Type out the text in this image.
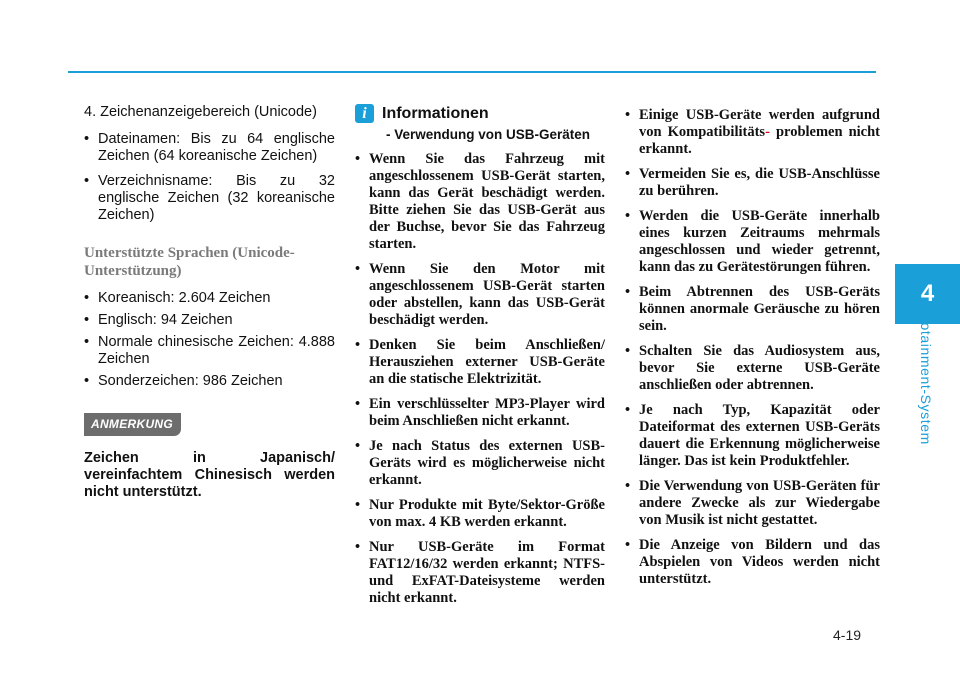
4
Infotainment-System
4. Zeichenanzeigebereich (Unicode)
• Dateinamen: Bis zu 64 englische Zeichen (64 koreanische Zeichen)
• Verzeichnisname: Bis zu 32 englische Zeichen (32 koreanische Zeichen)
Unterstützte Sprachen (Unicode-Unterstützung)
• Koreanisch: 2.604 Zeichen
• Englisch: 94 Zeichen
• Normale chinesische Zeichen: 4.888 Zeichen
• Sonderzeichen: 986 Zeichen
ANMERKUNG
Zeichen in Japanisch/ vereinfachtem Chinesisch werden nicht unterstützt.
i Informationen
- Verwendung von USB-Geräten
• Wenn Sie das Fahrzeug mit angeschlossenem USB-Gerät starten, kann das Gerät beschädigt werden. Bitte ziehen Sie das USB-Gerät aus der Buchse, bevor Sie das Fahrzeug starten.
• Wenn Sie den Motor mit angeschlossenem USB-Gerät starten oder abstellen, kann das USB-Gerät beschädigt werden.
• Denken Sie beim Anschließen/ Herausziehen externer USB-Geräte an die statische Elektrizität.
• Ein verschlüsselter MP3-Player wird beim Anschließen nicht erkannt.
• Je nach Status des externen USB-Geräts wird es möglicherweise nicht erkannt.
• Nur Produkte mit Byte/Sektor-Größe von max. 4 KB werden erkannt.
• Nur USB-Geräte im Format FAT12/16/32 werden erkannt; NTFS- und ExFAT-Dateisysteme werden nicht erkannt.
• Einige USB-Geräte werden aufgrund von Kompatibilitäts- problemen nicht erkannt.
• Vermeiden Sie es, die USB-Anschlüsse zu berühren.
• Werden die USB-Geräte innerhalb eines kurzen Zeitraums mehrmals angeschlossen und wieder getrennt, kann das zu Gerätestörungen führen.
• Beim Abtrennen des USB-Geräts können anormale Geräusche zu hören sein.
• Schalten Sie das Audiosystem aus, bevor Sie externe USB-Geräte anschließen oder abtrennen.
• Je nach Typ, Kapazität oder Dateiformat des externen USB-Geräts dauert die Erkennung möglicherweise länger. Das ist kein Produktfehler.
• Die Verwendung von USB-Geräten für andere Zwecke als zur Wiedergabe von Musik ist nicht gestattet.
• Die Anzeige von Bildern und das Abspielen von Videos werden nicht unterstützt.
4-19
